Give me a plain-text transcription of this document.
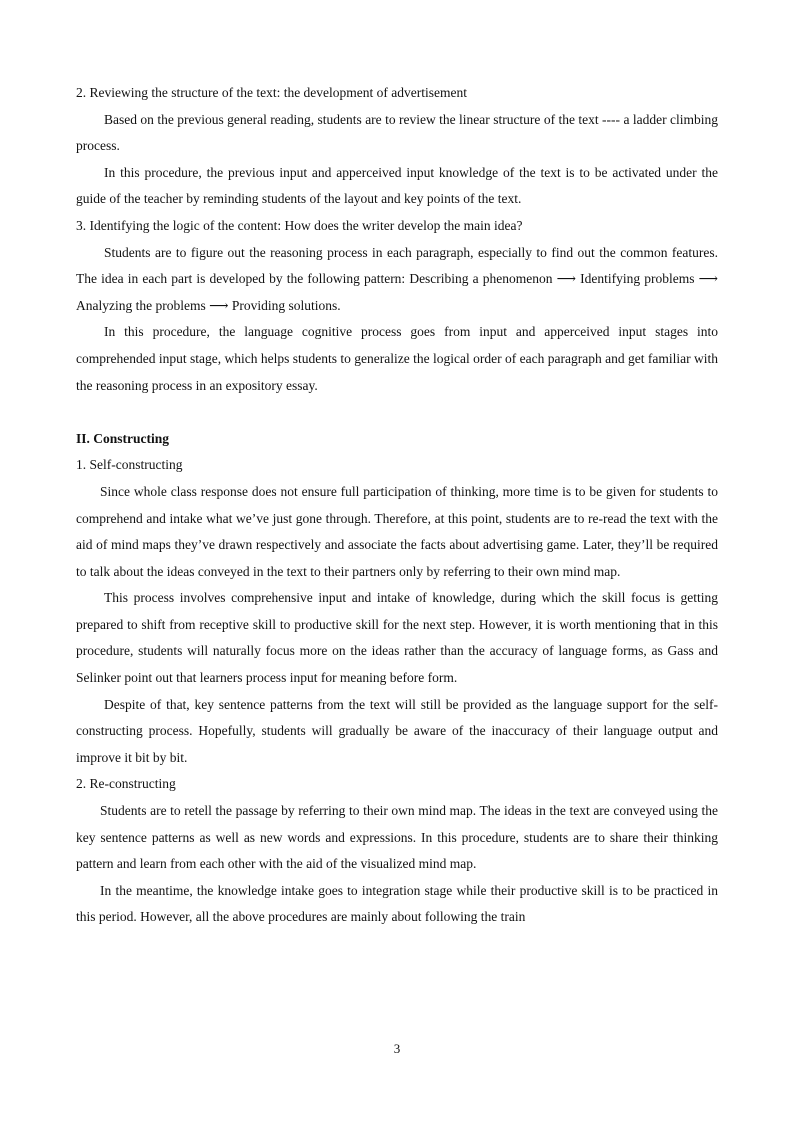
2. Reviewing the structure of the text: the development of advertisement

Based on the previous general reading, students are to review the linear structure of the text ---- a ladder climbing process.

In this procedure, the previous input and apperceived input knowledge of the text is to be activated under the guide of the teacher by reminding students of the layout and key points of the text.

3. Identifying the logic of the content: How does the writer develop the main idea?

Students are to figure out the reasoning process in each paragraph, especially to find out the common features. The idea in each part is developed by the following pattern: Describing a phenomenon ⟶ Identifying problems ⟶ Analyzing the problems ⟶ Providing solutions.

In this procedure, the language cognitive process goes from input and apperceived input stages into comprehended input stage, which helps students to generalize the logical order of each paragraph and get familiar with the reasoning process in an expository essay.

II. Constructing

1. Self-constructing

Since whole class response does not ensure full participation of thinking, more time is to be given for students to comprehend and intake what we’ve just gone through. Therefore, at this point, students are to re-read the text with the aid of mind maps they’ve drawn respectively and associate the facts about advertising game. Later, they’ll be required to talk about the ideas conveyed in the text to their partners only by referring to their own mind map.

This process involves comprehensive input and intake of knowledge, during which the skill focus is getting prepared to shift from receptive skill to productive skill for the next step. However, it is worth mentioning that in this procedure, students will naturally focus more on the ideas rather than the accuracy of language forms, as Gass and Selinker point out that learners process input for meaning before form.

Despite of that, key sentence patterns from the text will still be provided as the language support for the self-constructing process. Hopefully, students will gradually be aware of the inaccuracy of their language output and improve it bit by bit.

2. Re-constructing

Students are to retell the passage by referring to their own mind map. The ideas in the text are conveyed using the key sentence patterns as well as new words and expressions. In this procedure, students are to share their thinking pattern and learn from each other with the aid of the visualized mind map.

In the meantime, the knowledge intake goes to integration stage while their productive skill is to be practiced in this period. However, all the above procedures are mainly about following the train

3
